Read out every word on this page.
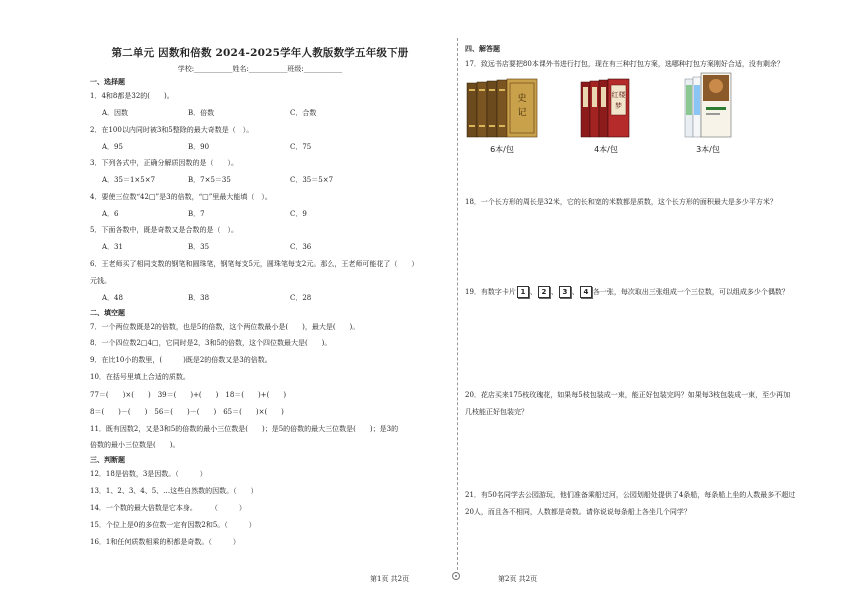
第二单元 因数和倍数 2024-2025学年人教版数学五年级下册
学校:___________姓名:___________班级:___________
一、选择题
1．4和8都是32的(　　)。
A．因数	B．倍数	C．合数
2．在100以内同时被3和5整除的最大奇数是（　）。
A．95	B．90	C．75
3．下列各式中，正确分解质因数的是（　　）。
A．35＝1×5×7	B．7×5＝35	C．35＝5×7
4．要使三位数“42□”是3的倍数，“□”里最大能填（　）。
A．6	B．7	C．9
5．下面各数中，既是奇数又是合数的是（　）。
A．31	B．35	C．36
6．王老师买了相同支数的钢笔和圆珠笔，钢笔每支5元，圆珠笔每支2元。那么，王老师可能花了（　　）
元钱。
A．48	B．38	C．28
二、填空题
7．一个两位数既是2的倍数，也是5的倍数，这个两位数最小是(　　)，最大是(　　)。
8．一个四位数2□4□，它同时是2，3和5的倍数，这个四位数最大是(　　)。
9．在比10小的数里，(　　　)既是2的倍数又是3的倍数。
10．在括号里填上合适的质数。
77＝(　　)×(　　)　39＝(　　)+(　　)　18＝(　　)+(　　)
8＝(　　)－(　　)　56＝(　　)－(　　)　65＝(　　)×(　　)
11．既有因数2，又是3和5的倍数的最小三位数是(　　)；是5的倍数的最大三位数是(　　)；是3的
倍数的最小三位数是(　　)。
三、判断题
12．18是倍数，3是因数。（　　　）
13．1、2、3、4、5、…这些自然数的因数。（　　）
14．一个数的最大倍数是它本身。　　　（　　　）
15．个位上是0的多位数一定有因数2和5。（　　　）
16．1和任何质数相乘的积都是奇数。（　　　）
四、解答题
17．致远书店要把80本课外书进行打包，现在有三种打包方案，选哪种打包方案刚好合适，没有剩余？
史
记
6本/包
红楼
梦
4本/包	3本/包
18．一个长方形的周长是32米，它的长和宽的米数都是质数，这个长方形的面积最大是多少平方米？
19．有数字卡片 1 、 2 、 3 、 4 各一张，每次取出三张组成一个三位数，可以组成多少个偶数？
20．花店买来175枝玫瑰花，如果每5枝包装成一束，能正好包装完吗？如果每3枝包装成一束，至少再加
几枝能正好包装完？
21．有50名同学去公园游玩，他们准备乘船过河，公园划船处提供了4条船，每条船上坐的人数最多不超过
20人，而且各不相同，人数都是奇数。请你说说每条船上各坐几个同学？
第1页 共2页	第2页 共2页
